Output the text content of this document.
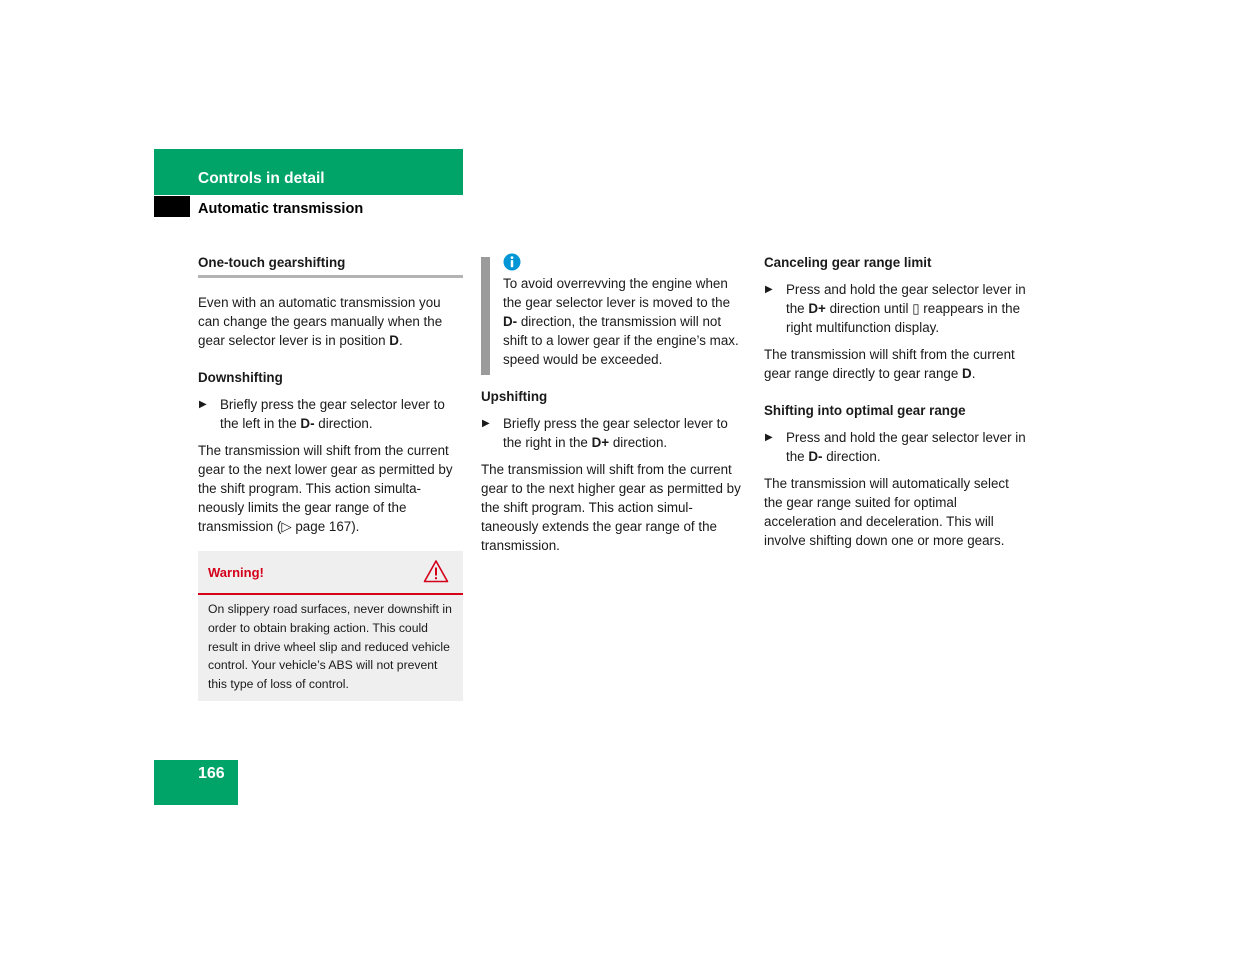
Controls in detail
Automatic transmission
One-touch gearshifting

Even with an automatic transmission you can change the gears manually when the gear selector lever is in position D.

Downshifting

▶ Briefly press the gear selector lever to the left in the D- direction.

The transmission will shift from the current gear to the next lower gear as permitted by the shift program. This action simulta-neously limits the gear range of the transmission (▷ page 167).

Warning!
On slippery road surfaces, never downshift in order to obtain braking action. This could result in drive wheel slip and reduced vehicle control. Your vehicle’s ABS will not prevent this type of loss of control.

To avoid overrevving the engine when the gear selector lever is moved to the D- direction, the transmission will not shift to a lower gear if the engine’s max. speed would be exceeded.

Upshifting

▶ Briefly press the gear selector lever to the right in the D+ direction.

The transmission will shift from the current gear to the next higher gear as permitted by the shift program. This action simul-taneously extends the gear range of the transmission.

Canceling gear range limit

▶ Press and hold the gear selector lever in the D+ direction until ▯ reappears in the right multifunction display.

The transmission will shift from the current gear range directly to gear range D.

Shifting into optimal gear range

▶ Press and hold the gear selector lever in the D- direction.

The transmission will automatically select the gear range suited for optimal acceleration and deceleration. This will involve shifting down one or more gears.

166
